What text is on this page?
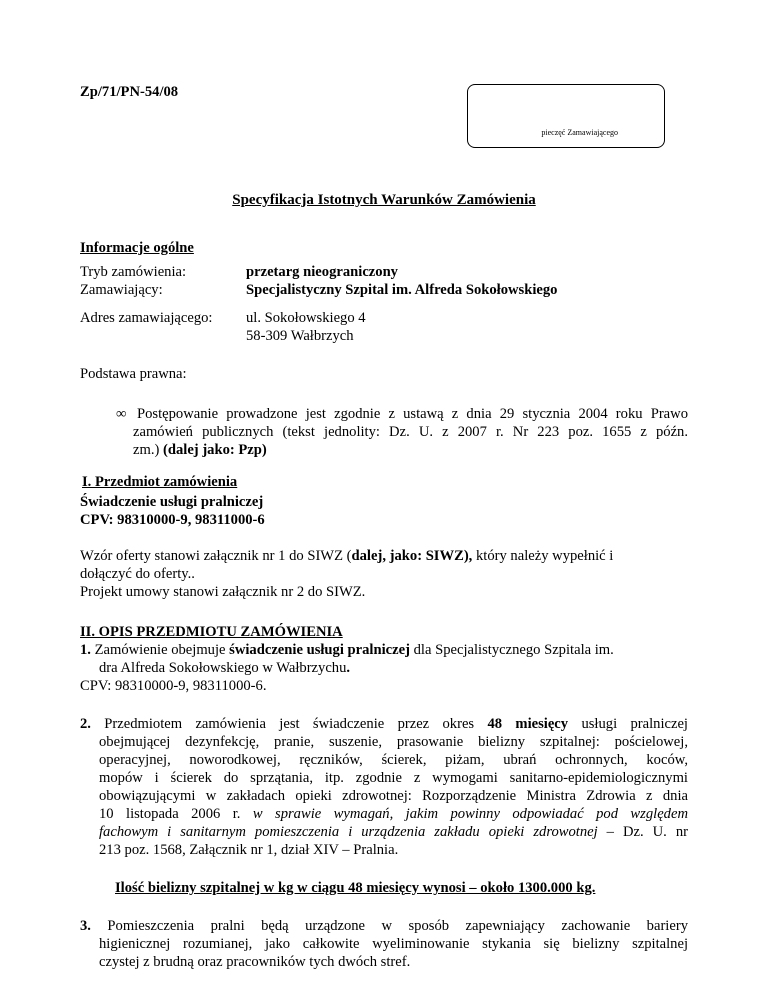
Zp/71/PN-54/08
pieczęć Zamawiającego
Specyfikacja Istotnych Warunków Zamówienia
Informacje ogólne
Tryb zamówienia:	przetarg nieograniczony
Zamawiający:	Specjalistyczny Szpital im. Alfreda Sokołowskiego
Adres zamawiającego: ul. Sokołowskiego 4
58-309 Wałbrzych
Podstawa prawna:
∞ Postępowanie prowadzone jest zgodnie z ustawą z dnia 29 stycznia 2004 roku Prawo
zamówień publicznych (tekst jednolity: Dz. U. z 2007 r. Nr 223 poz. 1655 z późn.
zm.) (dalej jako: Pzp)
I. Przedmiot zamówienia
Świadczenie usługi pralniczej
CPV: 98310000-9, 98311000-6
Wzór oferty stanowi załącznik nr 1 do SIWZ (dalej, jako: SIWZ), który należy wypełnić i
dołączyć do oferty..
Projekt umowy stanowi załącznik nr 2 do SIWZ.
II. OPIS PRZEDMIOTU ZAMÓWIENIA
1. Zamówienie obejmuje świadczenie usługi pralniczej dla Specjalistycznego Szpitala im.
dra Alfreda Sokołowskiego w Wałbrzychu.
CPV: 98310000-9, 98311000-6.
2. Przedmiotem zamówienia jest świadczenie przez okres 48 miesięcy usługi pralniczej
obejmującej dezynfekcję, pranie, suszenie, prasowanie bielizny szpitalnej: pościelowej,
operacyjnej, noworodkowej, ręczników, ścierek, piżam, ubrań ochronnych, koców,
mopów i ścierek do sprzątania, itp. zgodnie z wymogami sanitarno-epidemiologicznymi
obowiązującymi w zakładach opieki zdrowotnej: Rozporządzenie Ministra Zdrowia z dnia
10 listopada 2006 r. w sprawie wymagań, jakim powinny odpowiadać pod względem
fachowym i sanitarnym pomieszczenia i urządzenia zakładu opieki zdrowotnej – Dz. U. nr
213 poz. 1568, Załącznik nr 1, dział XIV – Pralnia.
Ilość bielizny szpitalnej w kg w ciągu 48 miesięcy wynosi – około 1300.000 kg.
3. Pomieszczenia pralni będą urządzone w sposób zapewniający zachowanie bariery
higienicznej rozumianej, jako całkowite wyeliminowanie stykania się bielizny szpitalnej
czystej z brudną oraz pracowników tych dwóch stref.
